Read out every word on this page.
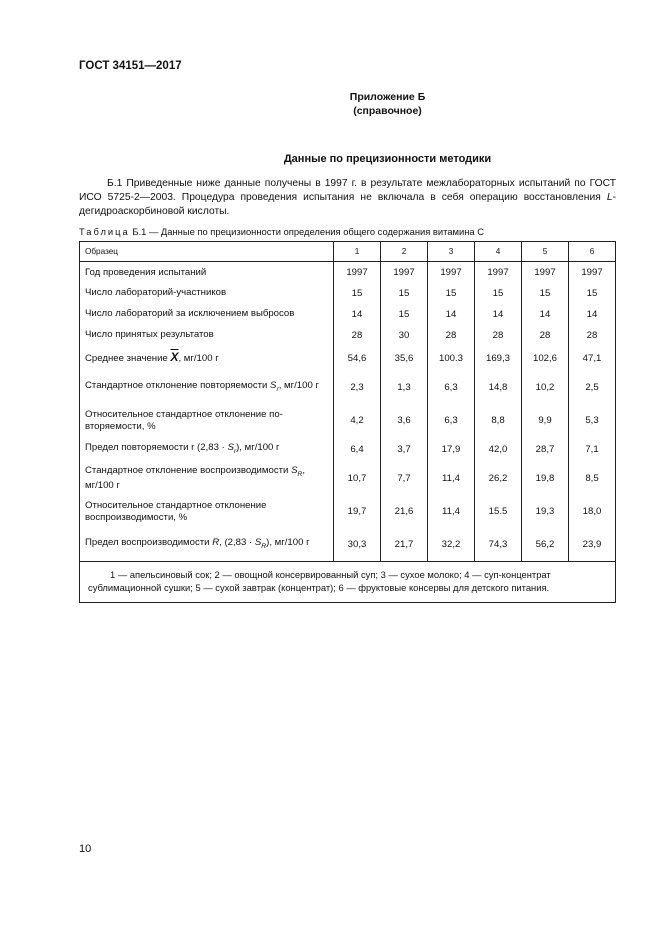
ГОСТ 34151—2017
Приложение Б
(справочное)
Данные по прецизионности методики
Б.1 Приведенные ниже данные получены в 1997 г. в результате межлабораторных испытаний по ГОСТ ИСО 5725-2—2003. Процедура проведения испытания не включала в себя операцию восстановления L-дегидроаскорбиновой кислоты.
Таблица Б.1 — Данные по прецизионности определения общего содержания витамина С
Образец	1	2	3	4	5	6
Год проведения испытаний	1997	1997	1997	1997	1997	1997
Число лабораторий-участников	15	15	15	15	15	15
Число лабораторий за исключением выбросов	14	15	14	14	14	14
Число принятых результатов	28	30	28	28	28	28
Среднее значение $\overline{X}$, мг/100 г	54,6	35,6	100.3	169,3	102,6	47,1
Стандартное отклонение повторяемости $S_r$, мг/100 г	2,3	1,3	6,3	14,8	10,2	2,5
Относительное стандартное отклонение по-
вторяемости, %	4,2	3,6	6,3	8,8	9,9	5,3
Предел повторяемости r $(2,83 \cdot S_r)$, мг/100 г	6,4	3,7	17,9	42,0	28,7	7,1
Стандартное отклонение воспроизводимости $S_R$, мг/100 г	10,7	7,7	11,4	26,2	19,8	8,5
Относительное стандартное отклонение
воспроизводимости, %	19,7	21,6	11,4	15.5	19,3	18,0
Предел воспроизводимости R, $(2,83 \cdot S_R)$, мг/100 г	30,3	21,7	32,2	74,3	56,2	23,9
1 — апельсиновый сок; 2 — овощной консервированный суп; 3 — сухое молоко; 4 — суп-концентрат сублимационной сушки; 5 — сухой завтрак (концентрат); 6 — фруктовые консервы для детского питания.						
10
